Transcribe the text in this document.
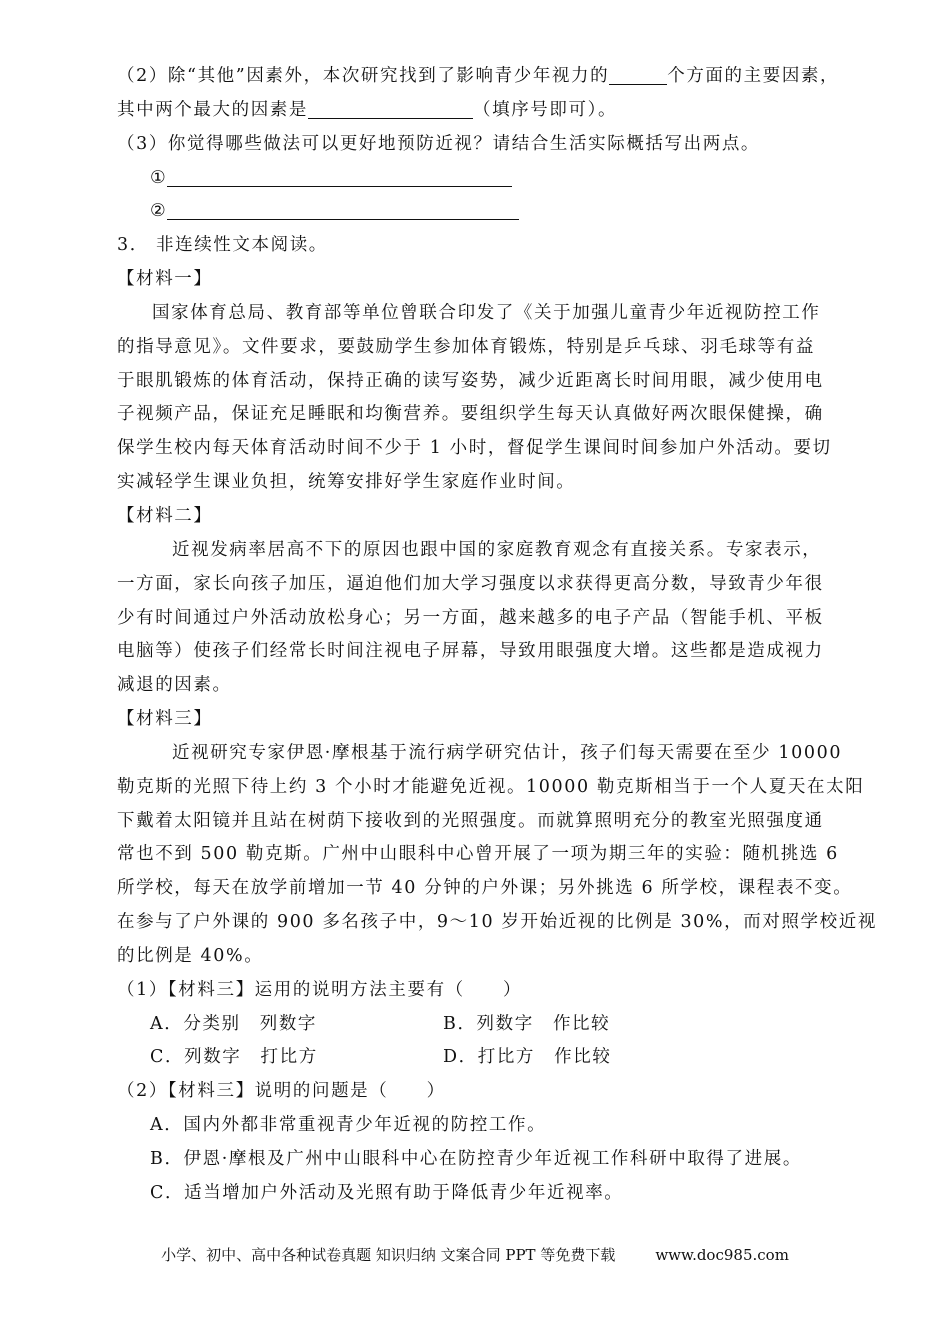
（2）除“其他”因素外，本次研究找到了影响青少年视力的	个方面的主要因素，
其中两个最大的因素是	（填序号即可）。
（3）你觉得哪些做法可以更好地预防近视？请结合生活实际概括写出两点。
①
②
3． 非连续性文本阅读。
【材料一】
国家体育总局、教育部等单位曾联合印发了《关于加强儿童青少年近视防控工作
的指导意见》。文件要求，要鼓励学生参加体育锻炼，特别是乒乓球、羽毛球等有益
于眼肌锻炼的体育活动，保持正确的读写姿势，减少近距离长时间用眼，减少使用电
子视频产品，保证充足睡眠和均衡营养。要组织学生每天认真做好两次眼保健操，确
保学生校内每天体育活动时间不少于 1 小时，督促学生课间时间参加户外活动。要切
实减轻学生课业负担，统筹安排好学生家庭作业时间。
【材料二】
近视发病率居高不下的原因也跟中国的家庭教育观念有直接关系。专家表示，
一方面，家长向孩子加压，逼迫他们加大学习强度以求获得更高分数，导致青少年很
少有时间通过户外活动放松身心；另一方面，越来越多的电子产品（智能手机、平板
电脑等）使孩子们经常长时间注视电子屏幕，导致用眼强度大增。这些都是造成视力
减退的因素。
【材料三】
近视研究专家伊恩·摩根基于流行病学研究估计，孩子们每天需要在至少 10000
勒克斯的光照下待上约 3 个小时才能避免近视。10000 勒克斯相当于一个人夏天在太阳
下戴着太阳镜并且站在树荫下接收到的光照强度。而就算照明充分的教室光照强度通
常也不到 500 勒克斯。广州中山眼科中心曾开展了一项为期三年的实验：随机挑选 6
所学校，每天在放学前增加一节 40 分钟的户外课；另外挑选 6 所学校，课程表不变。
在参与了户外课的 900 多名孩子中，9～10 岁开始近视的比例是 30%，而对照学校近视
的比例是 40%。
（1）【材料三】运用的说明方法主要有（　　）
A．分类别　列数字	B．列数字　作比较
C．列数字　打比方	D．打比方　作比较
（2）【材料三】说明的问题是（　　）
A．国内外都非常重视青少年近视的防控工作。
B．伊恩·摩根及广州中山眼科中心在防控青少年近视工作科研中取得了进展。
C．适当增加户外活动及光照有助于降低青少年近视率。
小学、初中、高中各种试卷真题 知识归纳 文案合同 PPT 等免费下载	www.doc985.com
